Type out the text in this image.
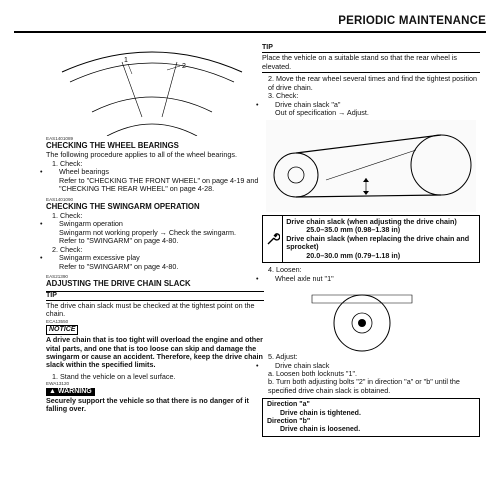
PERIODIC MAINTENANCE
1
2

EAS1401089

CHECKING THE WHEEL BEARINGS

The following procedure applies to all of the wheel bearings.

1. Check:

• Wheel bearings

Refer to "CHECKING THE FRONT WHEEL" on page 4-19 and "CHECKING THE REAR WHEEL" on page 4-28.

EAS1401090

CHECKING THE SWINGARM OPERATION

1. Check:

• Swingarm operation

Swingarm not working properly → Check the swingarm.

Refer to "SWINGARM" on page 4-80.

2. Check:

• Swingarm excessive play

Refer to "SWINGARM" on page 4-80.

EAS21390

ADJUSTING THE DRIVE CHAIN SLACK

TIP

The drive chain slack must be checked at the tightest point on the chain.

ECA13550

NOTICE

A drive chain that is too tight will overload the engine and other vital parts, and one that is too loose can skip and damage the swingarm or cause an accident. Therefore, keep the drive chain slack within the specified limits.

1. Stand the vehicle on a level surface.

EWA13120

▲ WARNING

Securely support the vehicle so that there is no danger of it falling over.

TIP

Place the vehicle on a suitable stand so that the rear wheel is elevated.

2. Move the rear wheel several times and find the tightest position of drive chain.

3. Check:

• Drive chain slack "a"

Out of specification → Adjust.

Drive chain slack (when adjusting the drive chain)

25.0–35.0 mm (0.98–1.38 in)

Drive chain slack (when replacing the drive chain and sprocket)

20.0–30.0 mm (0.79–1.18 in)

4. Loosen:

• Wheel axle nut "1"

5. Adjust:

• Drive chain slack

a. Loosen both locknuts "1".

b. Turn both adjusting bolts "2" in direction "a" or "b" until the specified drive chain slack is obtained.

Direction "a"

Drive chain is tightened.

Direction "b"

Drive chain is loosened.
